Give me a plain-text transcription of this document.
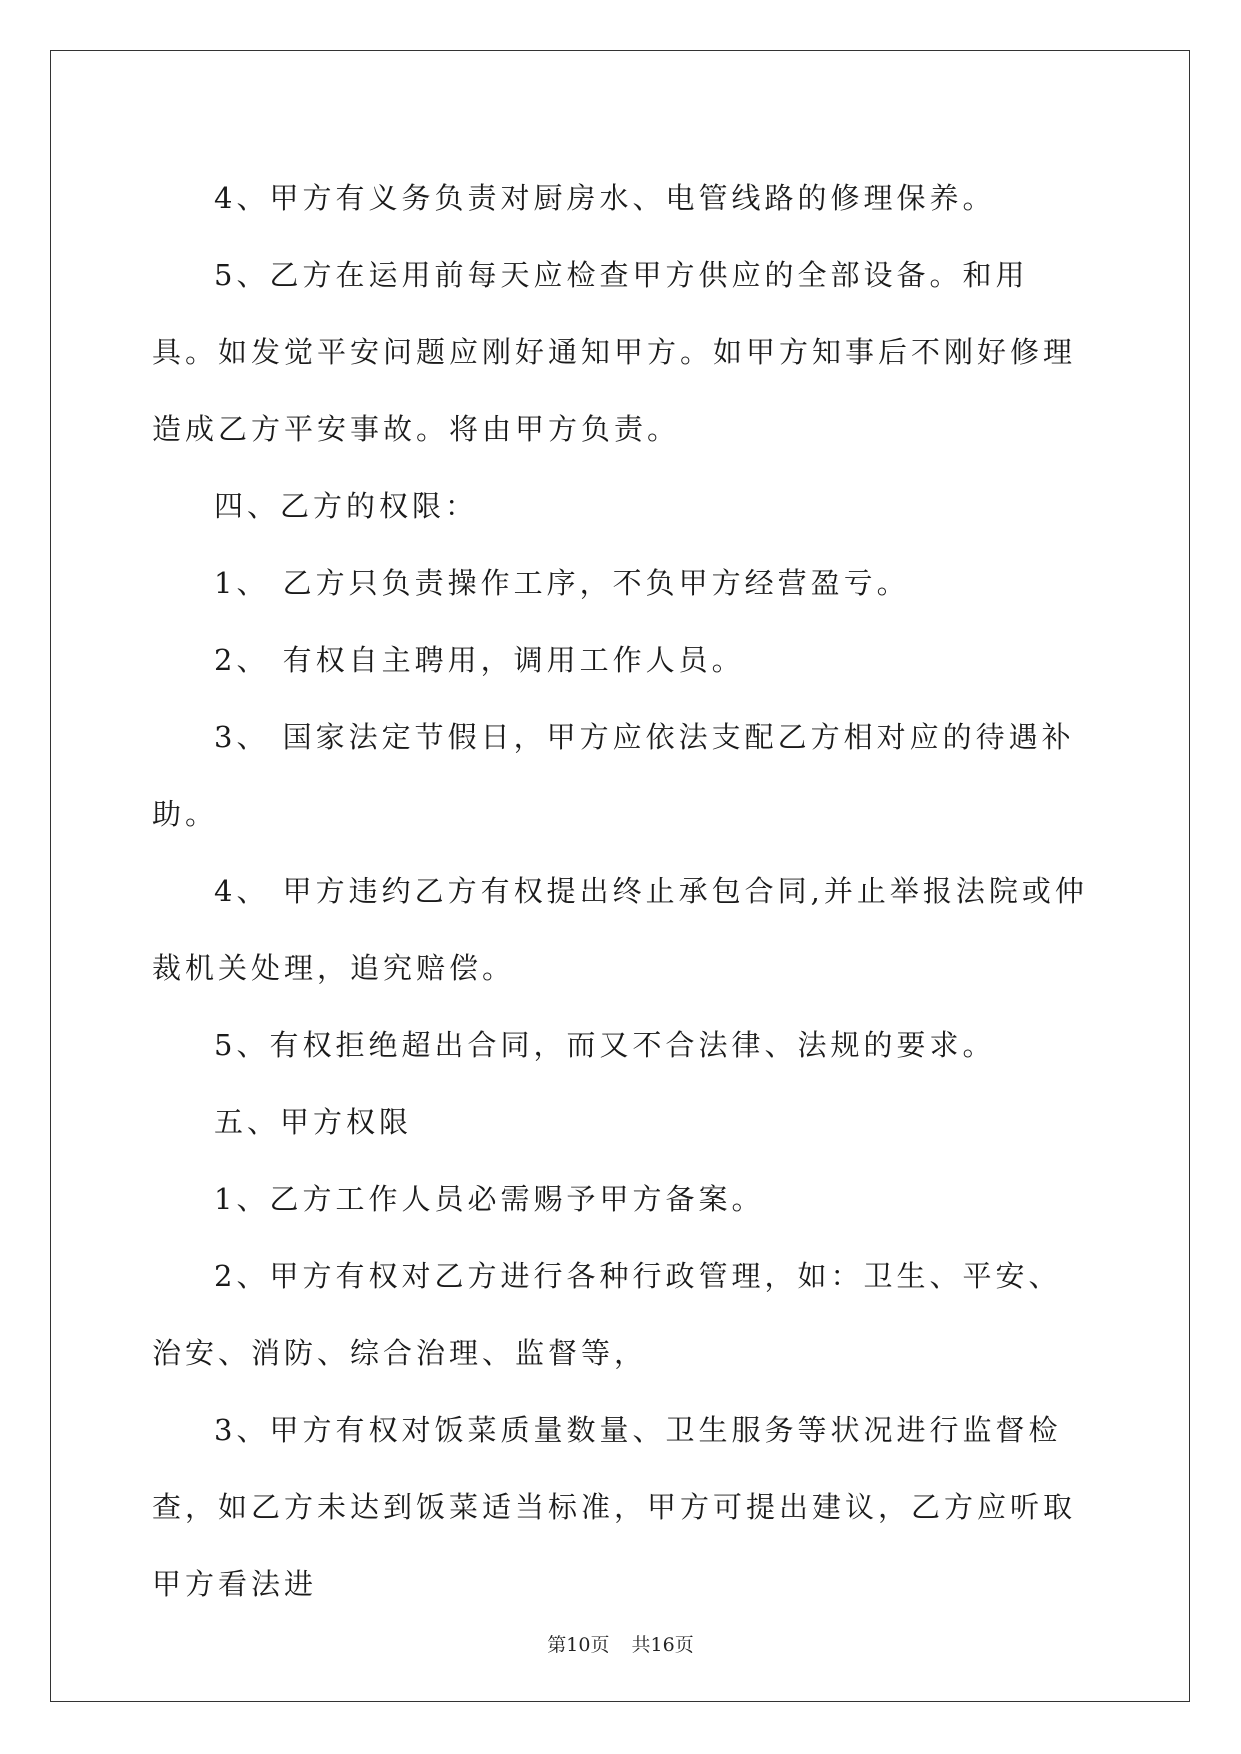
4、甲方有义务负责对厨房水、电管线路的修理保养。

5、乙方在运用前每天应检查甲方供应的全部设备。和用具。如发觉平安问题应刚好通知甲方。如甲方知事后不刚好修理造成乙方平安事故。将由甲方负责。

四、乙方的权限：

1、 乙方只负责操作工序，不负甲方经营盈亏。

2、 有权自主聘用，调用工作人员。

3、 国家法定节假日，甲方应依法支配乙方相对应的待遇补助。

4、 甲方违约乙方有权提出终止承包合同,并止举报法院或仲 裁机关处理，追究赔偿。

5、有权拒绝超出合同，而又不合法律、法规的要求。

五、甲方权限

1、乙方工作人员必需赐予甲方备案。

2、甲方有权对乙方进行各种行政管理，如：卫生、平安、治安、消防、综合治理、监督等，

3、甲方有权对饭菜质量数量、卫生服务等状况进行监督检查，如乙方未达到饭菜适当标准，甲方可提出建议，乙方应听取甲方看法进

第10页 共16页
